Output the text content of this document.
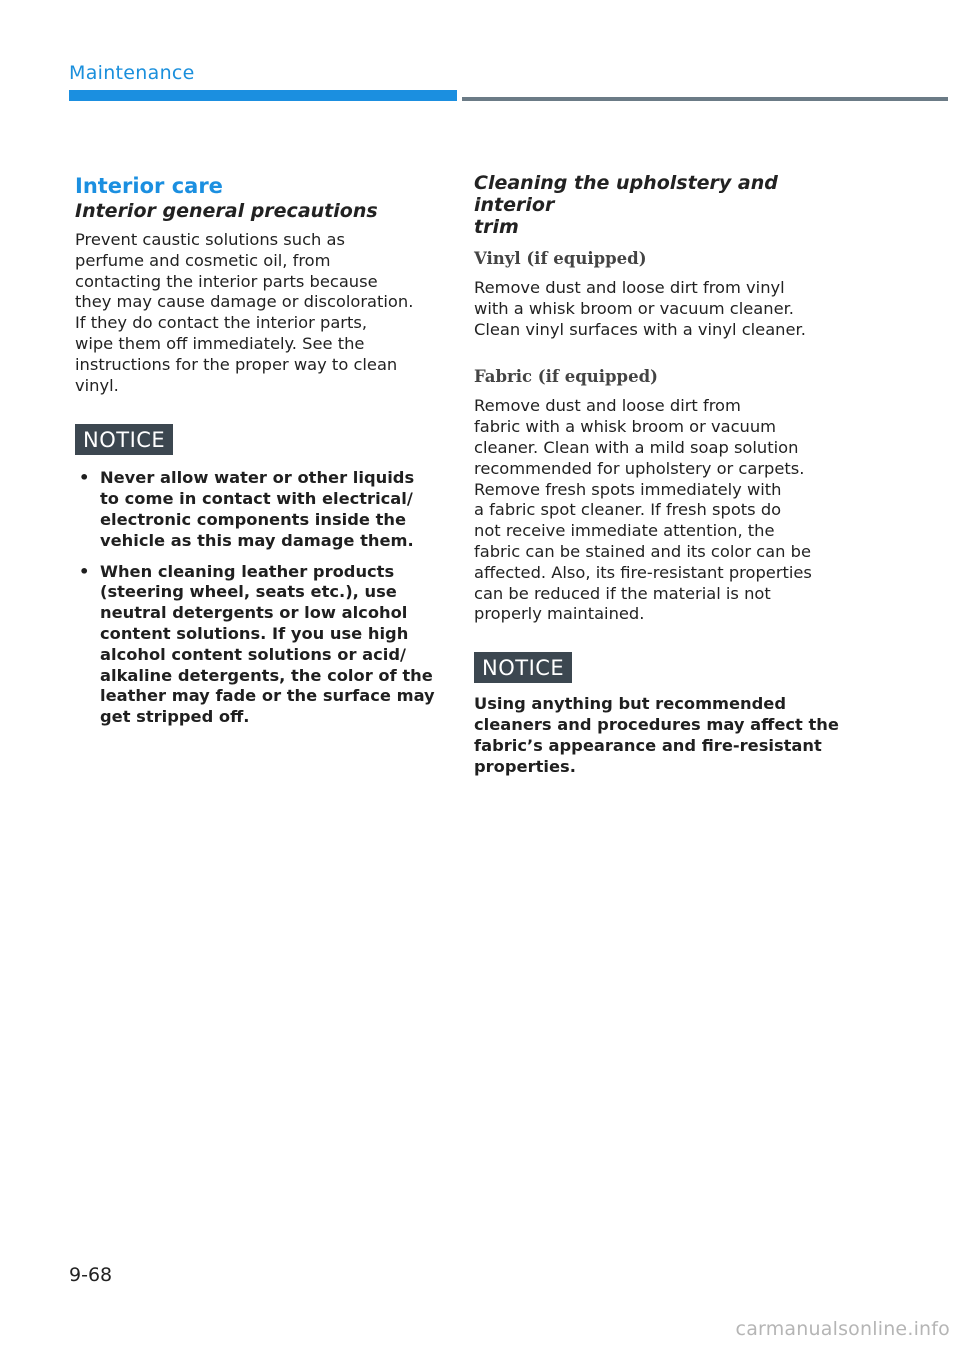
Maintenance
Interior care
Interior general precautions

Prevent caustic solutions such as
perfume and cosmetic oil, from
contacting the interior parts because
they may cause damage or discoloration.
If they do contact the interior parts,
wipe them off immediately. See the
instructions for the proper way to clean
vinyl.

NOTICE
• Never allow water or other liquids
to come in contact with electrical/
electronic components inside the
vehicle as this may damage them.
• When cleaning leather products
(steering wheel, seats etc.), use
neutral detergents or low alcohol
content solutions. If you use high
alcohol content solutions or acid/
alkaline detergents, the color of the
leather may fade or the surface may
get stripped off.
Cleaning the upholstery and interior
trim
Vinyl (if equipped)

Remove dust and loose dirt from vinyl
with a whisk broom or vacuum cleaner.
Clean vinyl surfaces with a vinyl cleaner.

Fabric (if equipped)

Remove dust and loose dirt from
fabric with a whisk broom or vacuum
cleaner. Clean with a mild soap solution
recommended for upholstery or carpets.
Remove fresh spots immediately with
a fabric spot cleaner. If fresh spots do
not receive immediate attention, the
fabric can be stained and its color can be
affected. Also, its fire-resistant properties
can be reduced if the material is not
properly maintained.

NOTICE

Using anything but recommended
cleaners and procedures may affect the
fabric’s appearance and fire-resistant
properties.

9-68
carmanualsonline.info
